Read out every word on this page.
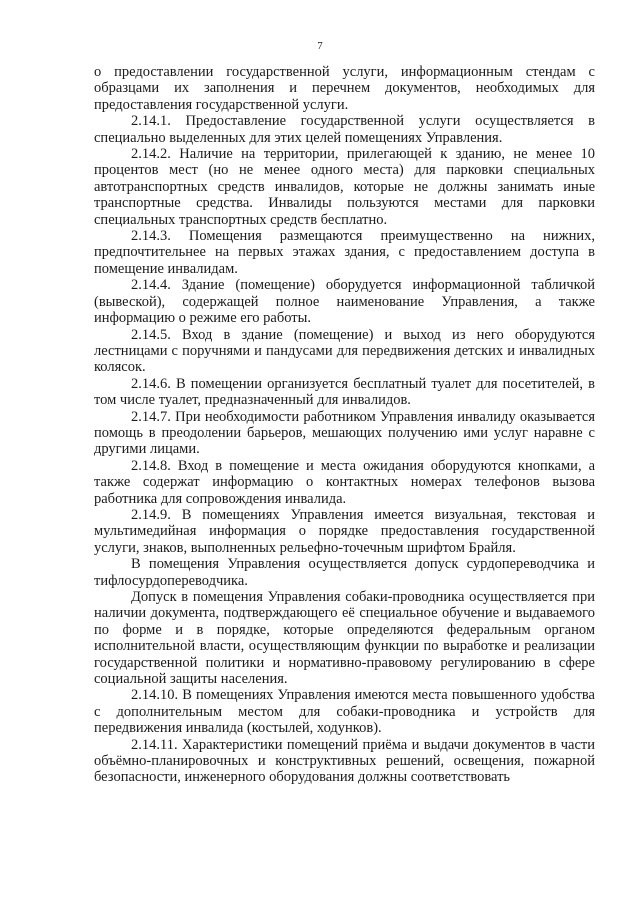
7

о предоставлении государственной услуги, информационным стендам с образцами их заполнения и перечнем документов, необходимых для предоставления государственной услуги.

2.14.1. Предоставление государственной услуги осуществляется в специально выделенных для этих целей помещениях Управления.

2.14.2. Наличие на территории, прилегающей к зданию, не менее 10 процентов мест (но не менее одного места) для парковки специальных автотранспортных средств инвалидов, которые не должны занимать иные транспортные средства. Инвалиды пользуются местами для парковки специальных транспортных средств бесплатно.

2.14.3. Помещения размещаются преимущественно на нижних, предпочтительнее на первых этажах здания, с предоставлением доступа в помещение инвалидам.

2.14.4. Здание (помещение) оборудуется информационной табличкой (вывеской), содержащей полное наименование Управления, а также информацию о режиме его работы.

2.14.5. Вход в здание (помещение) и выход из него оборудуются лестницами с поручнями и пандусами для передвижения детских и инвалидных колясок.

2.14.6. В помещении организуется бесплатный туалет для посетителей, в том числе туалет, предназначенный для инвалидов.

2.14.7. При необходимости работником Управления инвалиду оказывается помощь в преодолении барьеров, мешающих получению ими услуг наравне с другими лицами.

2.14.8. Вход в помещение и места ожидания оборудуются кнопками, а также содержат информацию о контактных номерах телефонов вызова работника для сопровождения инвалида.

2.14.9. В помещениях Управления имеется визуальная, текстовая и мультимедийная информация о порядке предоставления государственной услуги, знаков, выполненных рельефно-точечным шрифтом Брайля.

В помещения Управления осуществляется допуск сурдопереводчика и тифлосурдопереводчика.

Допуск в помещения Управления собаки-проводника осуществляется при наличии документа, подтверждающего её специальное обучение и выдаваемого по форме и в порядке, которые определяются федеральным органом исполнительной власти, осуществляющим функции по выработке и реализации государственной политики и нормативно-правовому регулированию в сфере социальной защиты населения.

2.14.10. В помещениях Управления имеются места повышенного удобства с дополнительным местом для собаки-проводника и устройств для передвижения инвалида (костылей, ходунков).

2.14.11. Характеристики помещений приёма и выдачи документов в части объёмно-планировочных и конструктивных решений, освещения, пожарной безопасности, инженерного оборудования должны соответствовать
